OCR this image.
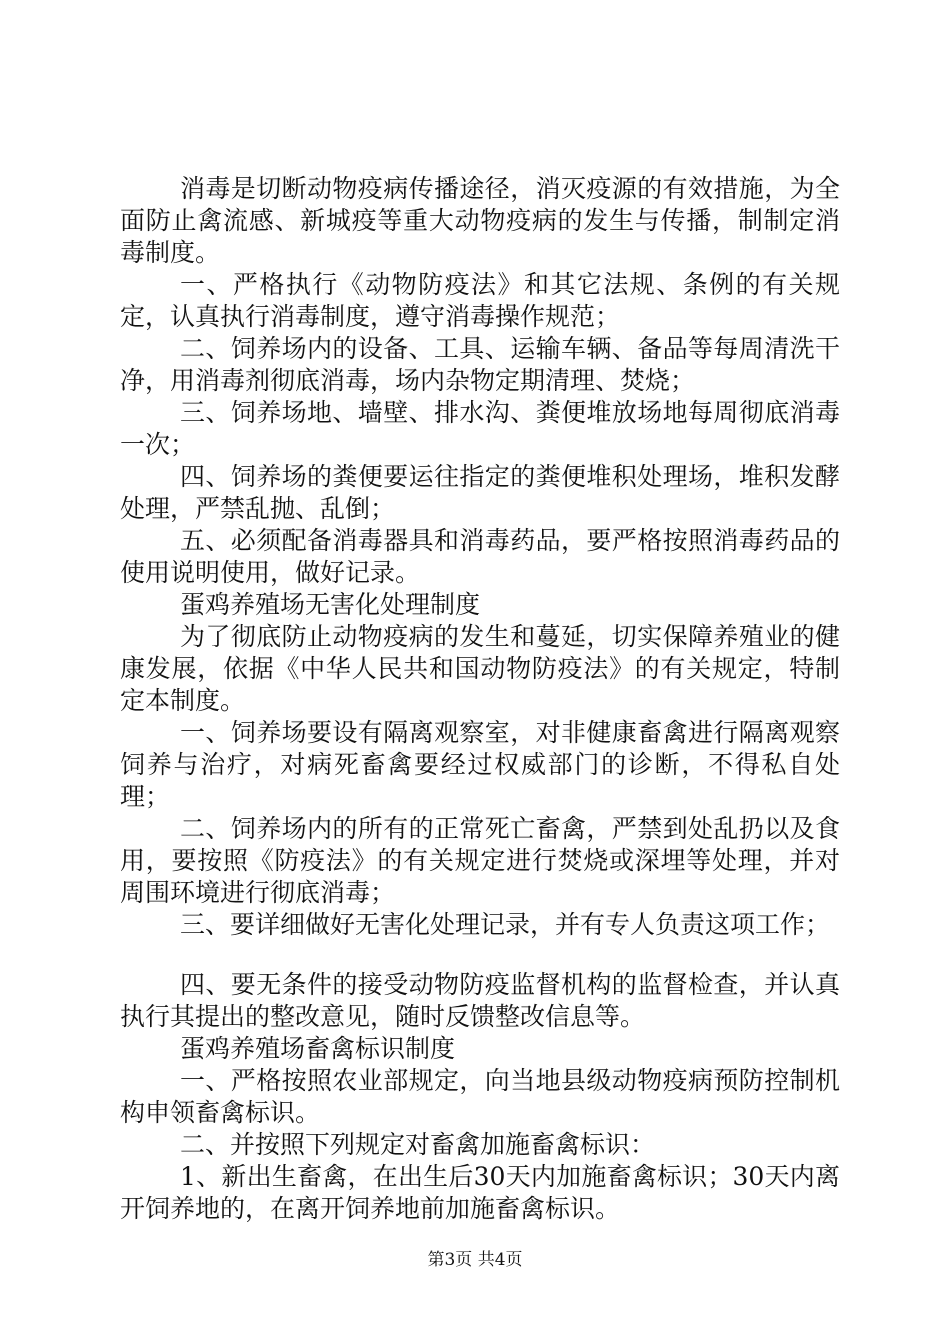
消毒是切断动物疫病传播途径，消灭疫源的有效措施，为全面防止禽流感、新城疫等重大动物疫病的发生与传播，制制定消毒制度。

一、严格执行《动物防疫法》和其它法规、条例的有关规定，认真执行消毒制度，遵守消毒操作规范；

二、饲养场内的设备、工具、运输车辆、备品等每周清洗干净，用消毒剂彻底消毒，场内杂物定期清理、焚烧；

三、饲养场地、墙壁、排水沟、粪便堆放场地每周彻底消毒一次；

四、饲养场的粪便要运往指定的粪便堆积处理场，堆积发酵处理，严禁乱抛、乱倒；

五、必须配备消毒器具和消毒药品，要严格按照消毒药品的使用说明使用，做好记录。

蛋鸡养殖场无害化处理制度

为了彻底防止动物疫病的发生和蔓延，切实保障养殖业的健康发展，依据《中华人民共和国动物防疫法》的有关规定，特制定本制度。

一、饲养场要设有隔离观察室，对非健康畜禽进行隔离观察饲养与治疗，对病死畜禽要经过权威部门的诊断，不得私自处理；

二、饲养场内的所有的正常死亡畜禽，严禁到处乱扔以及食用，要按照《防疫法》的有关规定进行焚烧或深埋等处理，并对周围环境进行彻底消毒；

三、要详细做好无害化处理记录，并有专人负责这项工作；

四、要无条件的接受动物防疫监督机构的监督检查，并认真执行其提出的整改意见，随时反馈整改信息等。

蛋鸡养殖场畜禽标识制度

一、严格按照农业部规定，向当地县级动物疫病预防控制机构申领畜禽标识。

二、并按照下列规定对畜禽加施畜禽标识：

1、新出生畜禽，在出生后30天内加施畜禽标识；30天内离开饲养地的，在离开饲养地前加施畜禽标识。

第3页 共4页
